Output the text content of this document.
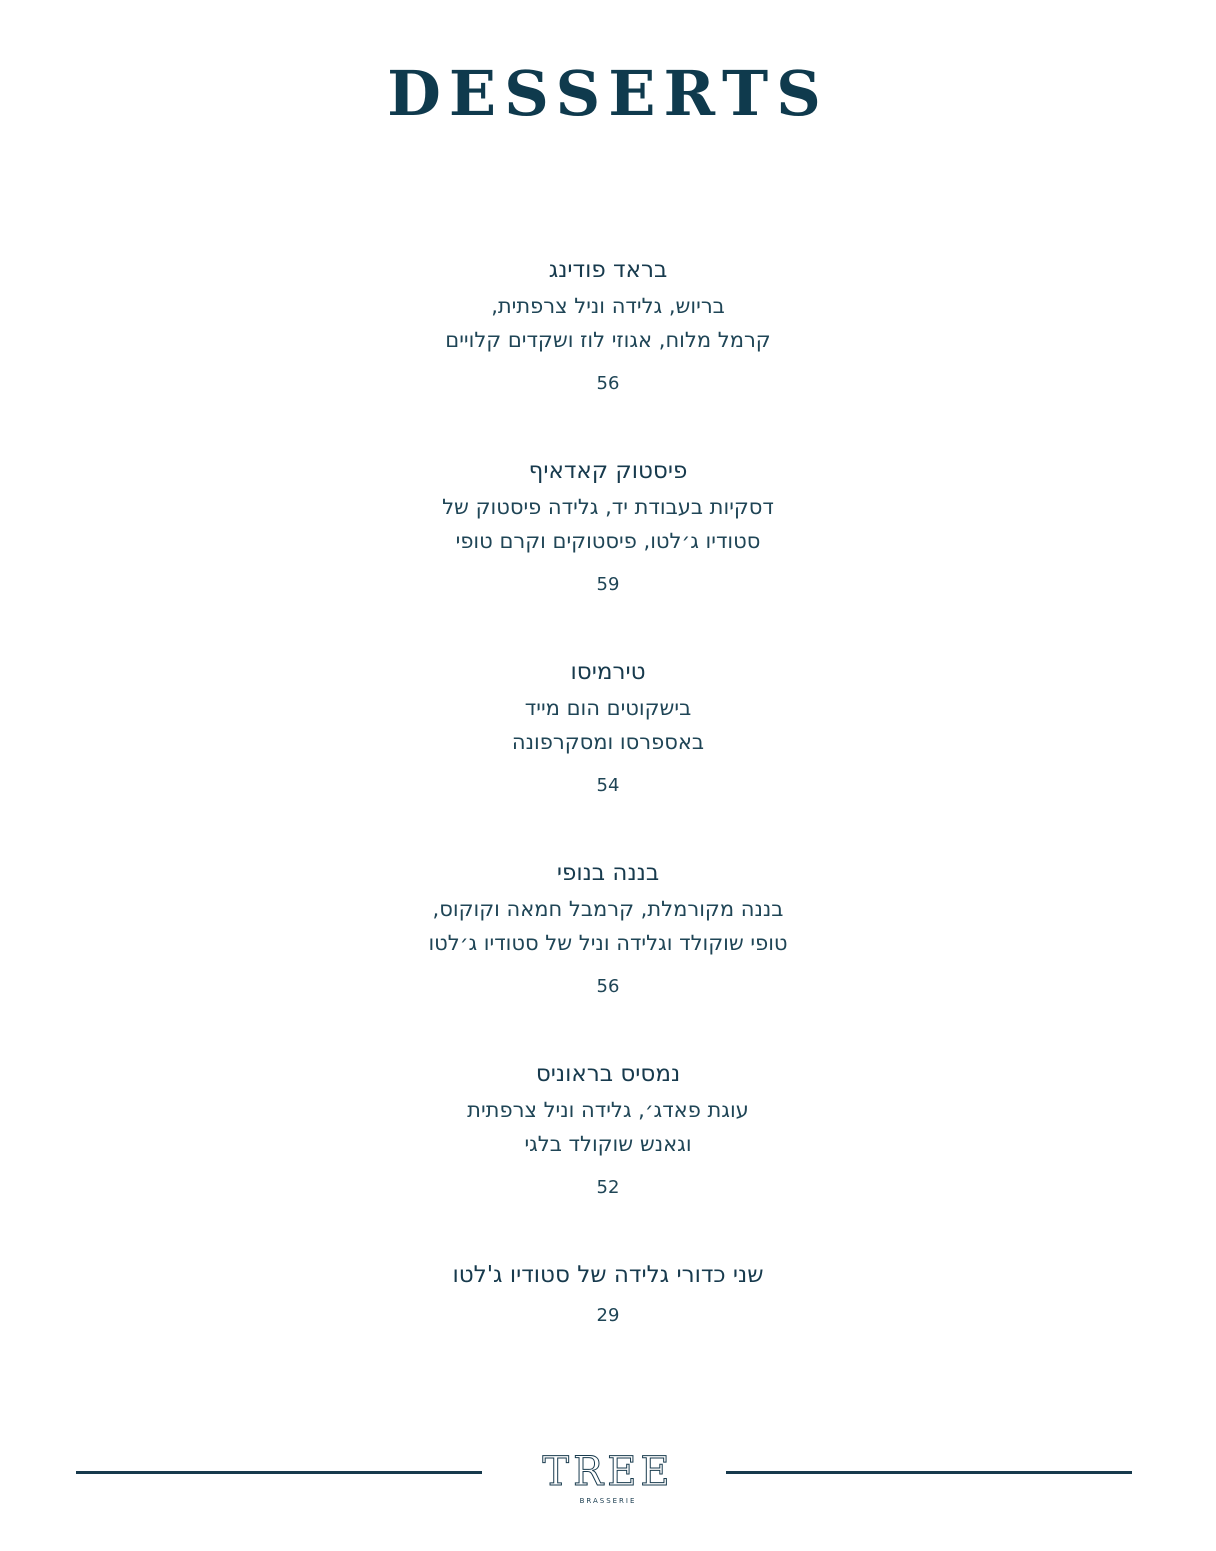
DESSERTS
בראד פודינג
בריוש, גלידה וניל צרפתית,
קרמל מלוח, אגוזי לוז ושקדים קלויים
56
פיסטוק קאדאיף
דסקיות בעבודת יד, גלידה פיסטוק של
סטודיו ג׳לטו, פיסטוקים וקרם טופי
59
טירמיסו
בישקוטים הום מייד
באספרסו ומסקרפונה
54
בננה בנופי
בננה מקורמלת, קרמבל חמאה וקוקוס,
טופי שוקולד וגלידה וניל של סטודיו ג׳לטו
56
נמסיס בראוניס
עוגת פאדג׳, גלידה וניל צרפתית
וגאנש שוקולד בלגי
52
שני כדורי גלידה של סטודיו ג'לטו
29
TREE
BRASSERIE
